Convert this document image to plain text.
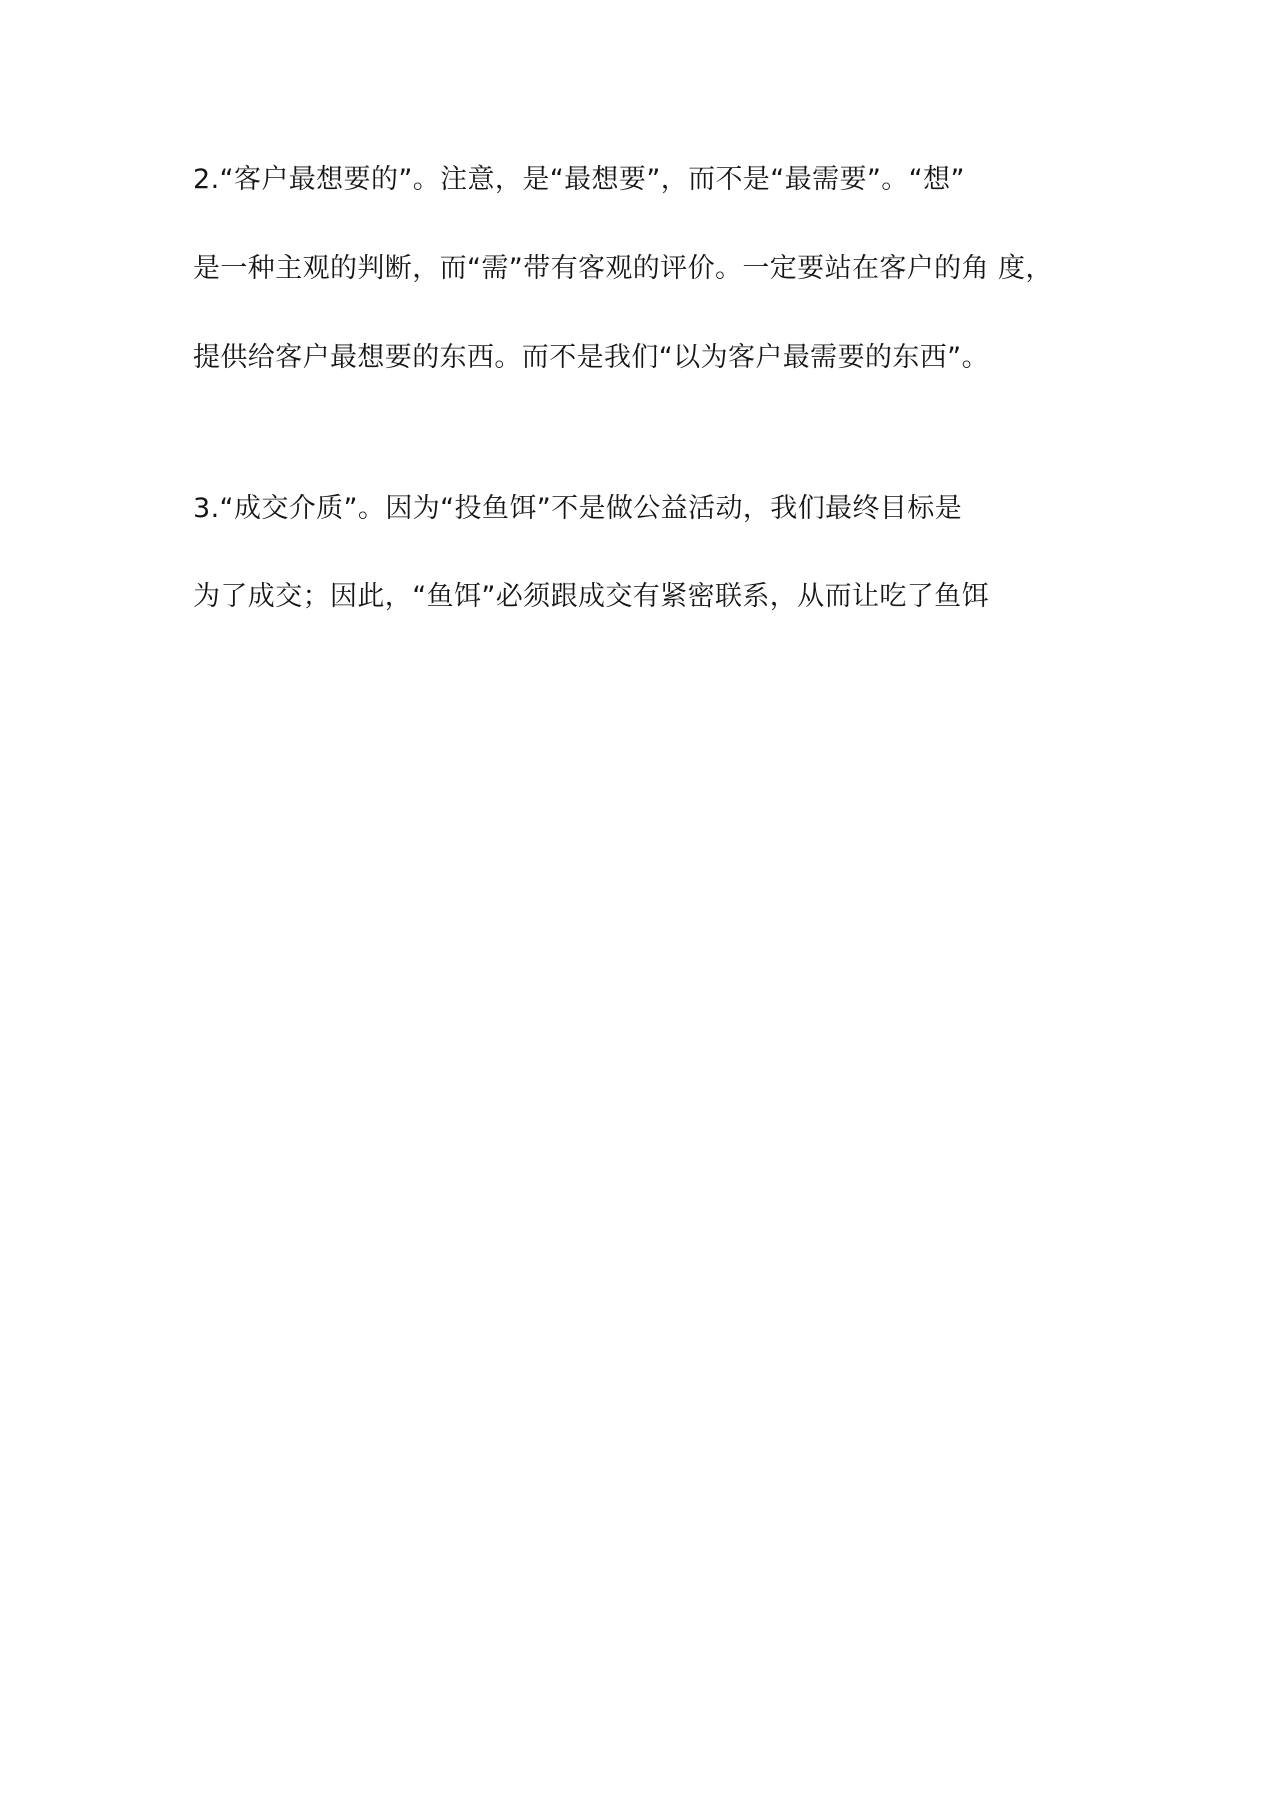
2.“客户最想要的”。注意，是“最想要”，而不是“最需要”。“想”
是一种主观的判断，而“需”带有客观的评价。一定要站在客户的角 度，
提供给客户最想要的东西。而不是我们“以为客户最需要的东西”。
3.“成交介质”。因为“投鱼饵”不是做公益活动，我们最终目标是
为了成交；因此，“鱼饵”必须跟成交有紧密联系，从而让吃了鱼饵
